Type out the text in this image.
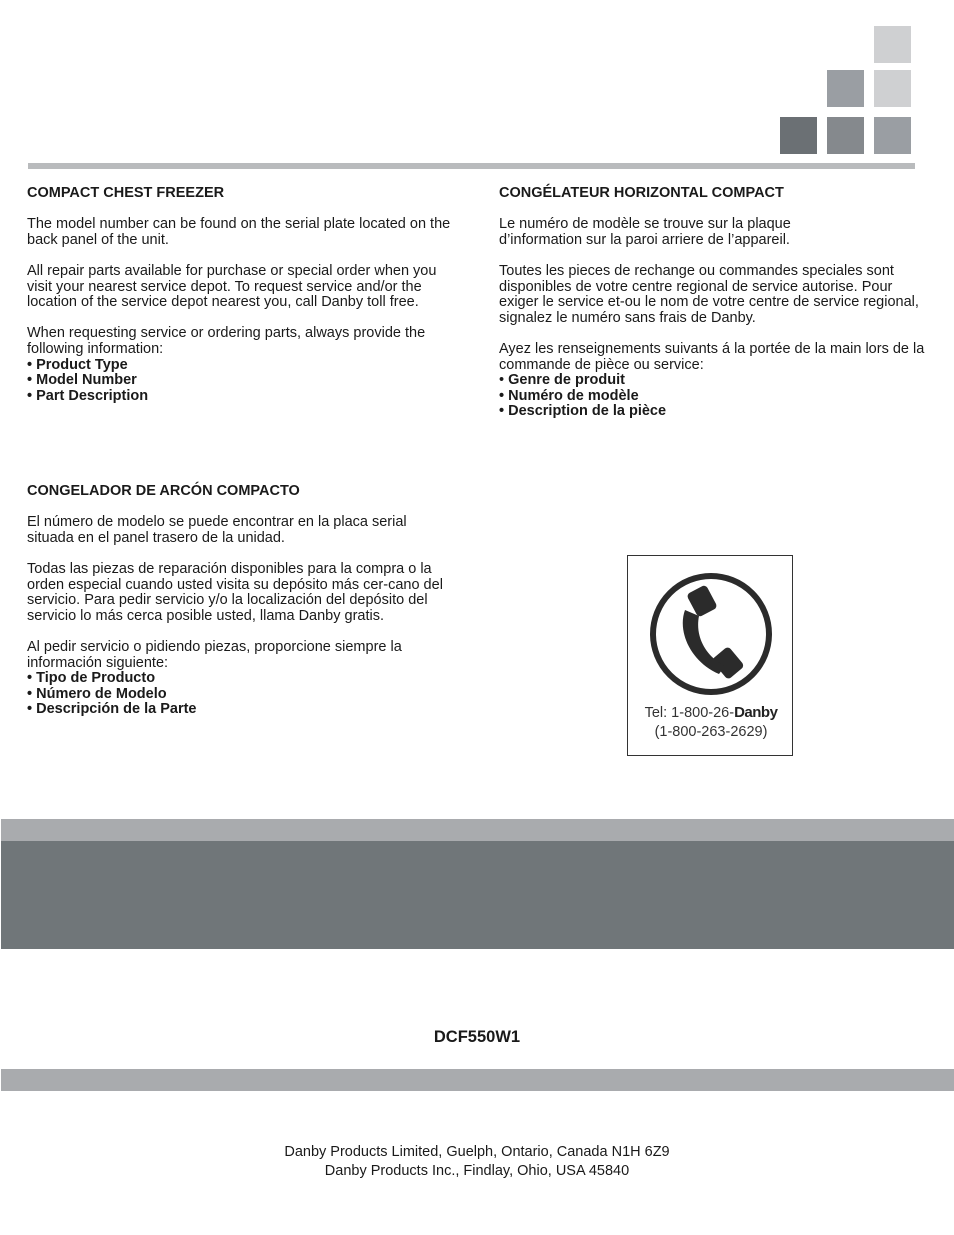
COMPACT CHEST FREEZER

The model number can be found on the serial plate located on the back panel of the unit.

All repair parts available for purchase or special order when you visit your nearest service depot. To request service and/or the location of the service depot nearest you, call Danby toll free.

When requesting service or ordering parts, always provide the following information:

• Product Type
• Model Number
• Part Description
CONGÉLATEUR HORIZONTAL COMPACT

Le numéro de modèle se trouve sur la plaque d’information sur la paroi arriere de l’appareil.

Toutes les pieces de rechange ou commandes speciales sont disponibles de votre centre regional de service autorise. Pour exiger le service et-ou le nom de votre centre de service regional, signalez le numéro sans frais de Danby.

Ayez les renseignements suivants á la portée de la main lors de la commande de pièce ou service:

• Genre de produit
• Numéro de modèle
• Description de la pièce
CONGELADOR DE ARCÓN COMPACTO

El número de modelo se puede encontrar en la placa serial situada en el panel trasero de la unidad.

Todas las piezas de reparación disponibles para la compra o la orden especial cuando usted visita su depósito más cer-cano del servicio. Para pedir servicio y/o la localización del depósito del servicio lo más cerca posible usted, llama Danby gratis.

Al pedir servicio o pidiendo piezas, proporcione siempre la información siguiente:

• Tipo de Producto
• Número de Modelo
• Descripción de la Parte	Tel: 1-800-26-Danby
(1-800-263-2629)
DCF550W1
Danby Products Limited, Guelph, Ontario, Canada N1H 6Z9
Danby Products Inc., Findlay, Ohio, USA 45840
